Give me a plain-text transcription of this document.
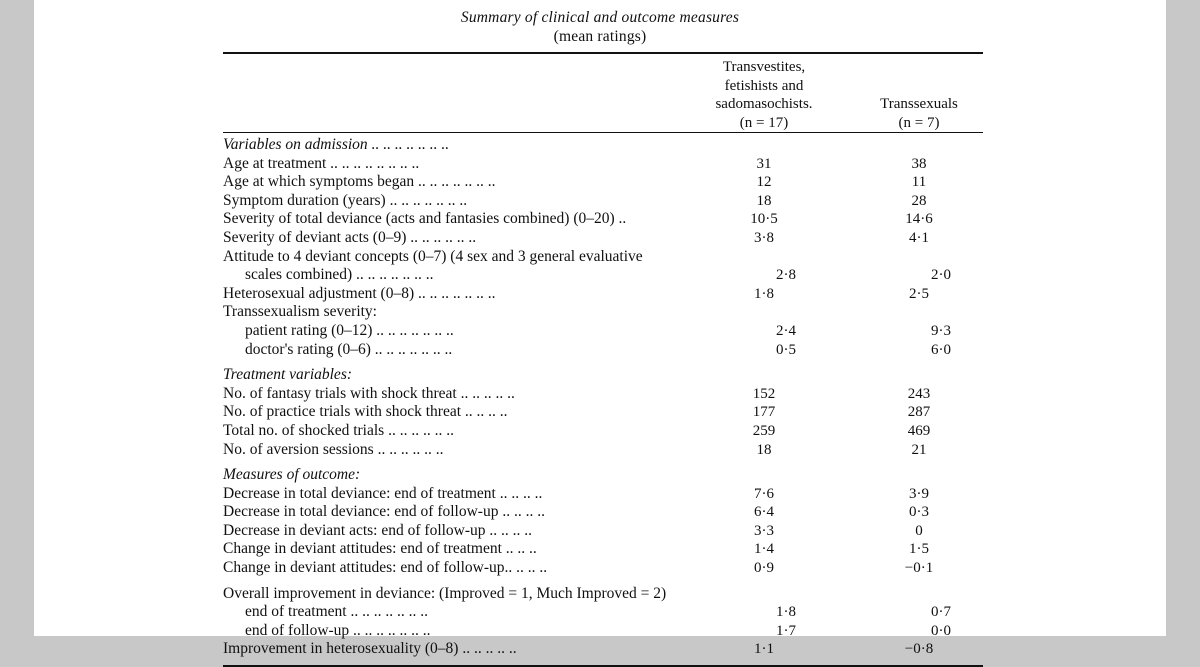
Summary of clinical and outcome measures
(mean ratings)
Transvestites,
fetishists and
sadomasochists.
(n = 17)
Transsexuals
(n = 7)
Variables on admission .. .. .. .. .. .. ..
Age at treatment .. .. .. .. .. .. .. ..	31	38
Age at which symptoms began .. .. .. .. .. .. ..	12	11
Symptom duration (years) .. .. .. .. .. .. ..	18	28
Severity of total deviance (acts and fantasies combined) (0–20) ..	10·5	14·6
Severity of deviant acts (0–9) .. .. .. .. .. ..	3·8	4·1
Attitude to 4 deviant concepts (0–7) (4 sex and 3 general evaluative
scales combined) .. .. .. .. .. .. ..	2·8	2·0
Heterosexual adjustment (0–8) .. .. .. .. .. .. ..	1·8	2·5
Transsexualism severity:
patient rating (0–12) .. .. .. .. .. .. ..	2·4	9·3
doctor's rating (0–6) .. .. .. .. .. .. ..	0·5	6·0
Treatment variables:
No. of fantasy trials with shock threat .. .. .. .. ..	152	243
No. of practice trials with shock threat .. .. .. ..	177	287
Total no. of shocked trials .. .. .. .. .. ..	259	469
No. of aversion sessions .. .. .. .. .. ..	18	21
Measures of outcome:
Decrease in total deviance: end of treatment .. .. .. ..	7·6	3·9
Decrease in total deviance: end of follow-up .. .. .. ..	6·4	0·3
Decrease in deviant acts: end of follow-up .. .. .. ..	3·3	0
Change in deviant attitudes: end of treatment .. .. ..	1·4	1·5
Change in deviant attitudes: end of follow-up.. .. .. ..	0·9	−0·1
Overall improvement in deviance: (Improved = 1, Much Improved = 2)
end of treatment .. .. .. .. .. .. ..	1·8	0·7
end of follow-up .. .. .. .. .. .. ..	1·7	0·0
Improvement in heterosexuality (0–8) .. .. .. .. ..	1·1	−0·8
